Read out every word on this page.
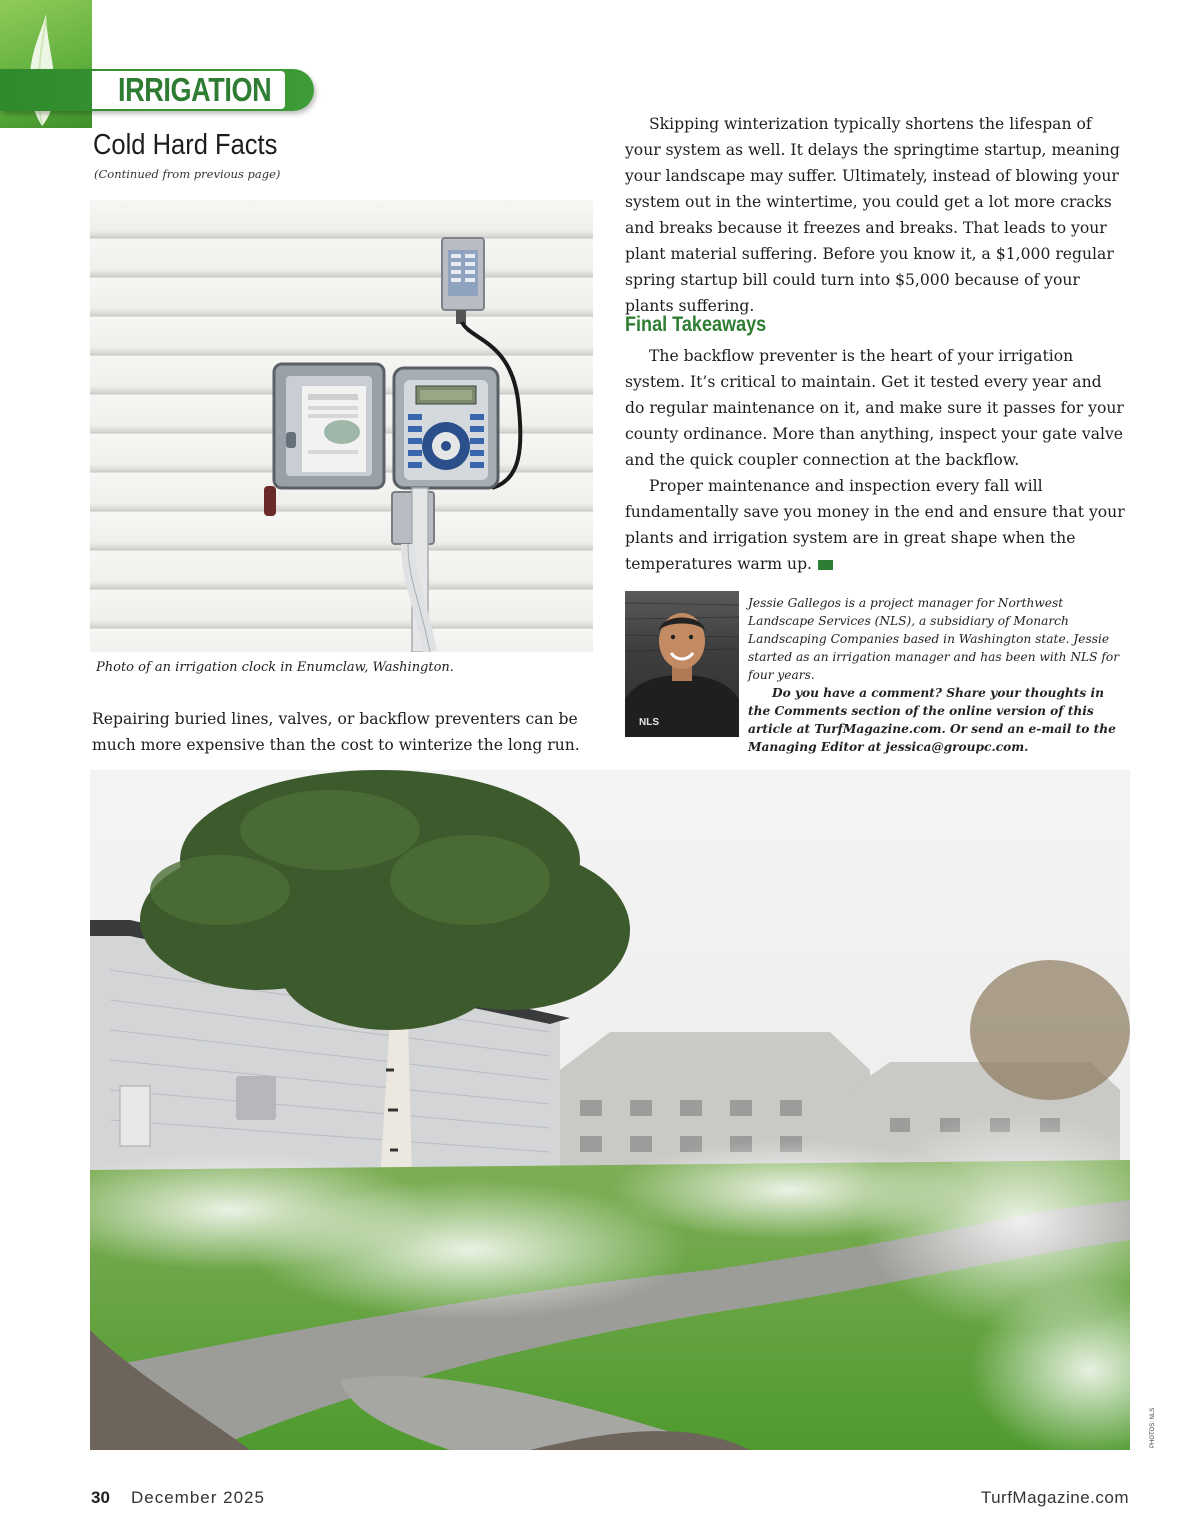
IRRIGATION
Cold Hard Facts
(Continued from previous page)
Photo of an irrigation clock in Enumclaw, Washington.
Repairing buried lines, valves, or backflow preventers can be much more expensive than the cost to winterize the long run.
Skipping winterization typically shortens the lifespan of your system as well. It delays the springtime startup, meaning your landscape may suffer. Ultimately, instead of blowing your system out in the wintertime, you could get a lot more cracks and breaks because it freezes and breaks. That leads to your plant material suffering. Before you know it, a $1,000 regular spring startup bill could turn into $5,000 because of your plants suffering.
Final Takeaways
The backflow preventer is the heart of your irrigation system. It’s critical to maintain. Get it tested every year and do regular maintenance on it, and make sure it passes for your county ordinance. More than anything, inspect your gate valve and the quick coupler connection at the backflow.
Proper maintenance and inspection every fall will fundamentally save you money in the end and ensure that your plants and irrigation system are in great shape when the temperatures warm up.
NLS
Jessie Gallegos is a project manager for Northwest Landscape Services (NLS), a subsidiary of Monarch Landscaping Companies based in Washington state. Jessie started as an irrigation manager and has been with NLS for four years.
Do you have a comment? Share your thoughts in the Comments section of the online version of this article at TurfMagazine.com. Or send an e-mail to the Managing Editor at jessica@groupc.com.
PHOTOS: NLS
30 December 2025	TurfMagazine.com
